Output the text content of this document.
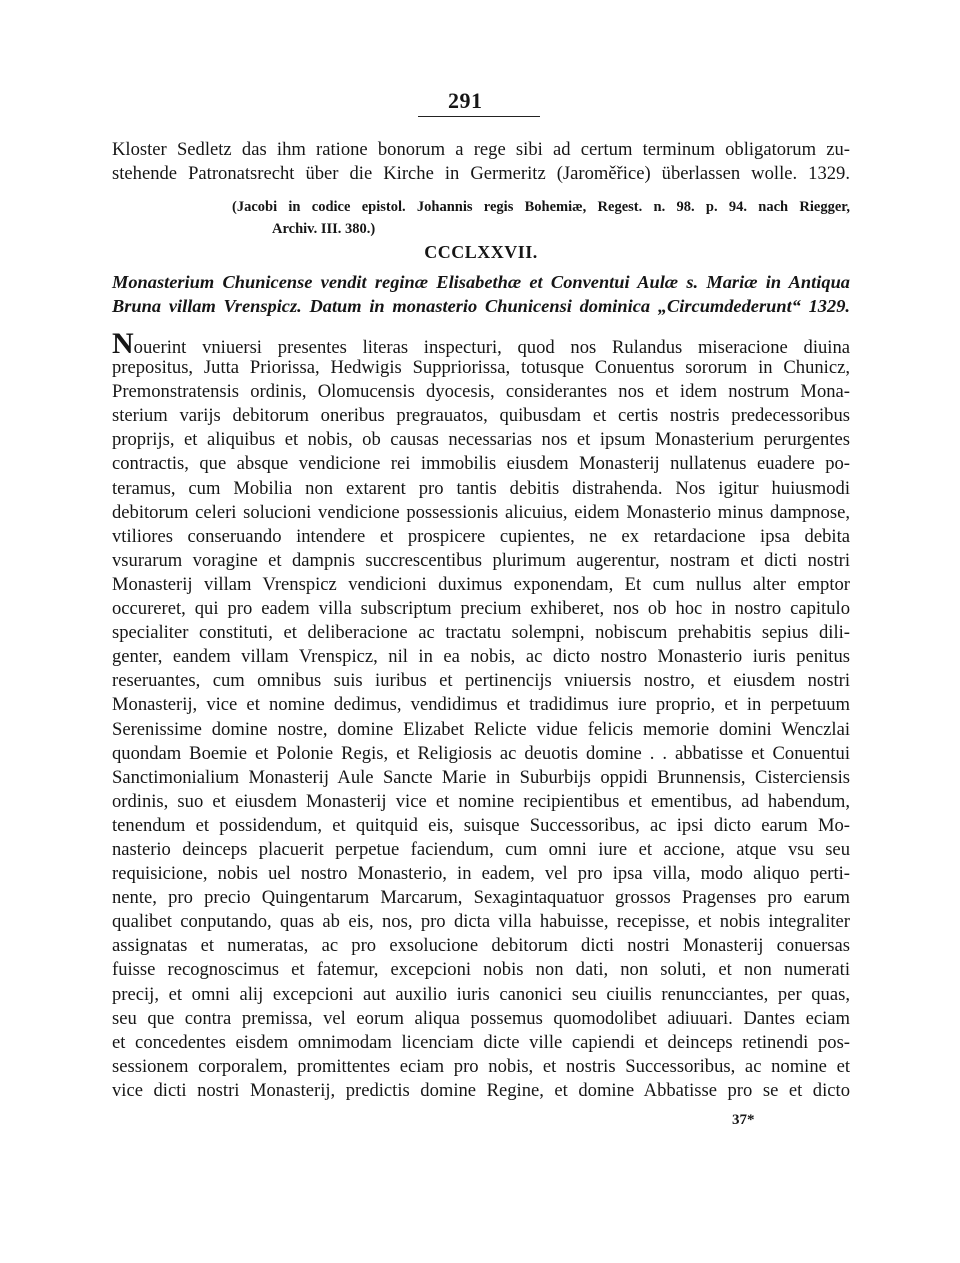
291
Kloster Sedletz das ihm ratione bonorum a rege sibi ad certum terminum obligatorum zu-
stehende Patronatsrecht über die Kirche in Germeritz (Jaroměřice) überlassen wolle. 1329.
(Jacobi in codice epistol. Johannis regis Bohemiæ, Regest. n. 98. p. 94. nach Riegger,
Archiv. III. 380.)
CCCLXXVII.
Monasterium Chunicense vendit reginæ Elisabethæ et Conventui Aulæ s. Mariæ in Antiqua
Bruna villam Vrenspicz. Datum in monasterio Chunicensi dominica „Circumdederunt“ 1329.
Nouerint vniuersi presentes literas inspecturi, quod nos Rulandus miseracione diuina
prepositus, Jutta Priorissa, Hedwigis Suppriorissa, totusque Conuentus sororum in Chunicz,
Premonstratensis ordinis, Olomucensis dyocesis, considerantes nos et idem nostrum Mona-
sterium varijs debitorum oneribus pregrauatos, quibusdam et certis nostris predecessoribus
proprijs, et aliquibus et nobis, ob causas necessarias nos et ipsum Monasterium perurgentes
contractis, que absque vendicione rei immobilis eiusdem Monasterij nullatenus euadere po-
teramus, cum Mobilia non extarent pro tantis debitis distrahenda. Nos igitur huiusmodi
debitorum celeri solucioni vendicione possessionis alicuius, eidem Monasterio minus dampnose,
vtiliores conseruando intendere et prospicere cupientes, ne ex retardacione ipsa debita
vsurarum voragine et dampnis succrescentibus plurimum augerentur, nostram et dicti nostri
Monasterij villam Vrenspicz vendicioni duximus exponendam, Et cum nullus alter emptor
occureret, qui pro eadem villa subscriptum precium exhiberet, nos ob hoc in nostro capitulo
specialiter constituti, et deliberacione ac tractatu solempni, nobiscum prehabitis sepius dili-
genter, eandem villam Vrenspicz, nil in ea nobis, ac dicto nostro Monasterio iuris penitus
reseruantes, cum omnibus suis iuribus et pertinencijs vniuersis nostro, et eiusdem nostri
Monasterij, vice et nomine dedimus, vendidimus et tradidimus iure proprio, et in perpetuum
Serenissime domine nostre, domine Elizabet Relicte vidue felicis memorie domini Wenczlai
quondam Boemie et Polonie Regis, et Religiosis ac deuotis domine . . abbatisse et Conuentui
Sanctimonialium Monasterij Aule Sancte Marie in Suburbijs oppidi Brunnensis, Cisterciensis
ordinis, suo et eiusdem Monasterij vice et nomine recipientibus et ementibus, ad habendum,
tenendum et possidendum, et quitquid eis, suisque Successoribus, ac ipsi dicto earum Mo-
nasterio deinceps placuerit perpetue faciendum, cum omni iure et accione, atque vsu seu
requisicione, nobis uel nostro Monasterio, in eadem, vel pro ipsa villa, modo aliquo perti-
nente, pro precio Quingentarum Marcarum, Sexagintaquatuor grossos Pragenses pro earum
qualibet conputando, quas ab eis, nos, pro dicta villa habuisse, recepisse, et nobis integraliter
assignatas et numeratas, ac pro exsolucione debitorum dicti nostri Monasterij conuersas
fuisse recognoscimus et fatemur, excepcioni nobis non dati, non soluti, et non numerati
precij, et omni alij excepcioni aut auxilio iuris canonici seu ciuilis renuncciantes, per quas,
seu que contra premissa, vel eorum aliqua possemus quomodolibet adiuuari. Dantes eciam
et concedentes eisdem omnimodam licenciam dicte ville capiendi et deinceps retinendi pos-
sessionem corporalem, promittentes eciam pro nobis, et nostris Successoribus, ac nomine et
vice dicti nostri Monasterij, predictis domine Regine, et domine Abbatisse pro se et dicto
37*
